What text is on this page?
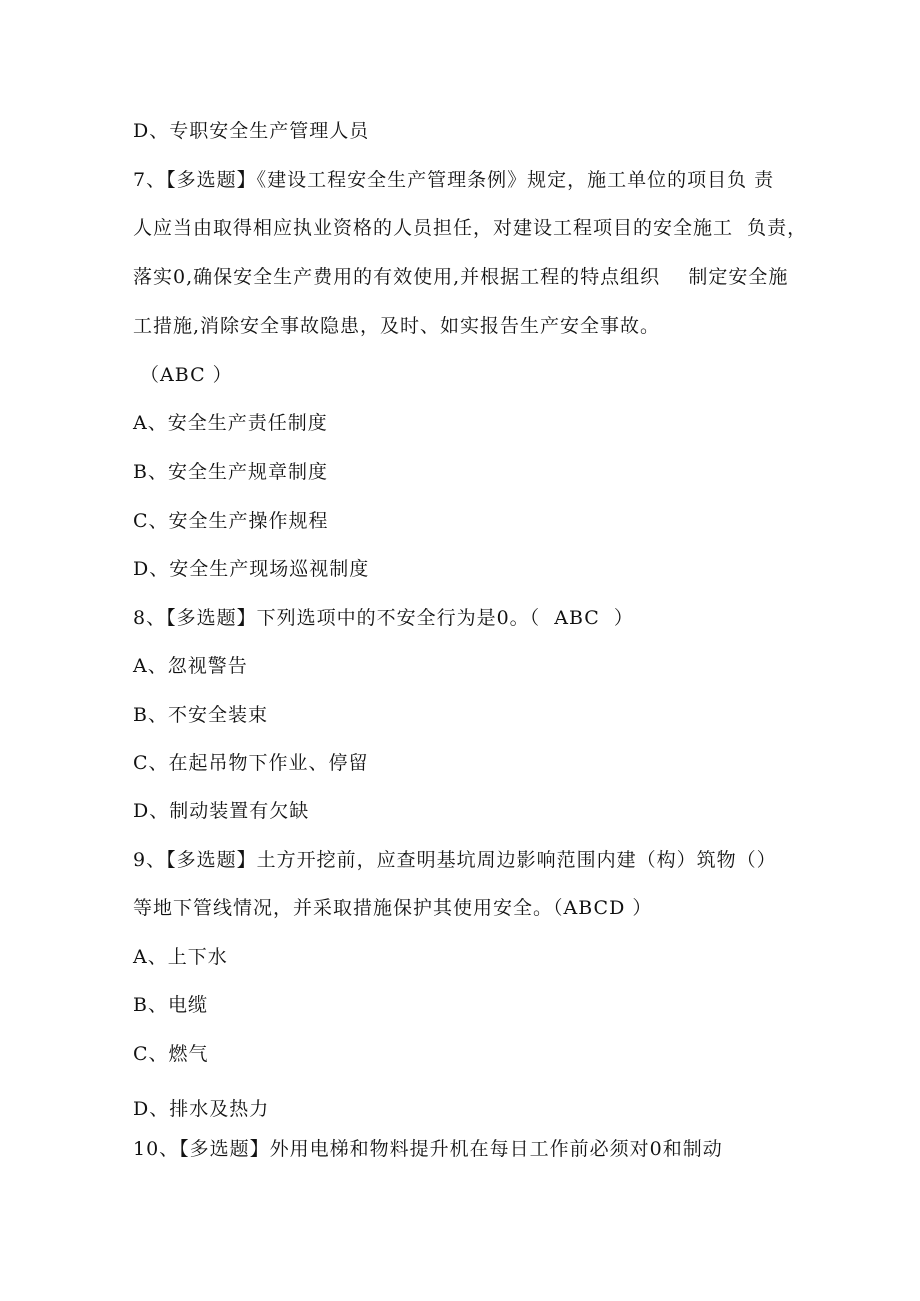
D、专职安全生产管理人员
7、【多选题】《建设工程安全生产管理条例》规定，施工单位的项目负 责
人应当由取得相应执业资格的人员担任，对建设工程项目的安全施工  负责，
落实0,确保安全生产费用的有效使用,并根据工程的特点组织    制定安全施
工措施,消除安全事故隐患，及时、如实报告生产安全事故。
（ABC ）
A、安全生产责任制度
B、安全生产规章制度
C、安全生产操作规程
D、安全生产现场巡视制度
8、【多选题】下列选项中的不安全行为是0。（  ABC  ）
A、忽视警告
B、不安全装束
C、在起吊物下作业、停留
D、制动装置有欠缺
9、【多选题】土方开挖前，应查明基坑周边影响范围内建（构）筑物（）
等地下管线情况，并采取措施保护其使用安全。（ABCD ）
A、上下水
B、电缆
C、燃气
D、排水及热力
10、【多选题】外用电梯和物料提升机在每日工作前必须对0和制动
